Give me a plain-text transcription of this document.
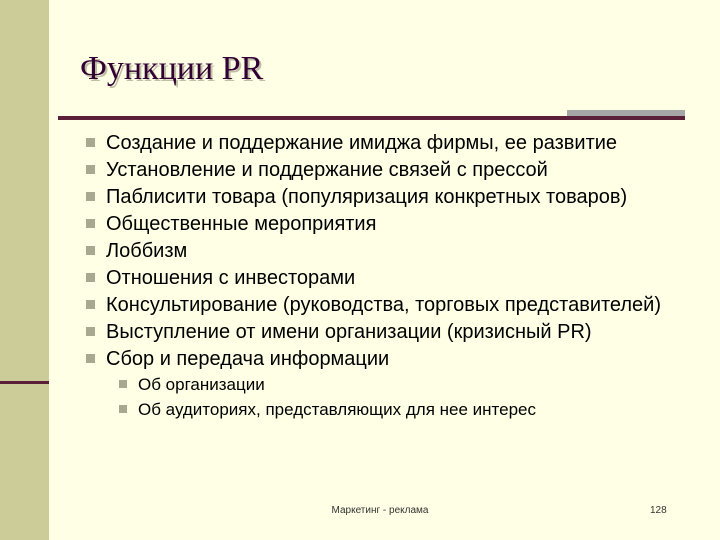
Функции PR
Создание и поддержание имиджа фирмы, ее развитие
Установление и поддержание связей с прессой
Паблисити товара (популяризация конкретных товаров)
Общественные мероприятия
Лоббизм
Отношения с инвесторами
Консультирование (руководства, торговых представителей)
Выступление от имени организации (кризисный PR)
Сбор и передача информации
Об организации
Об аудиториях, представляющих для нее интерес
Маркетинг - реклама	128
